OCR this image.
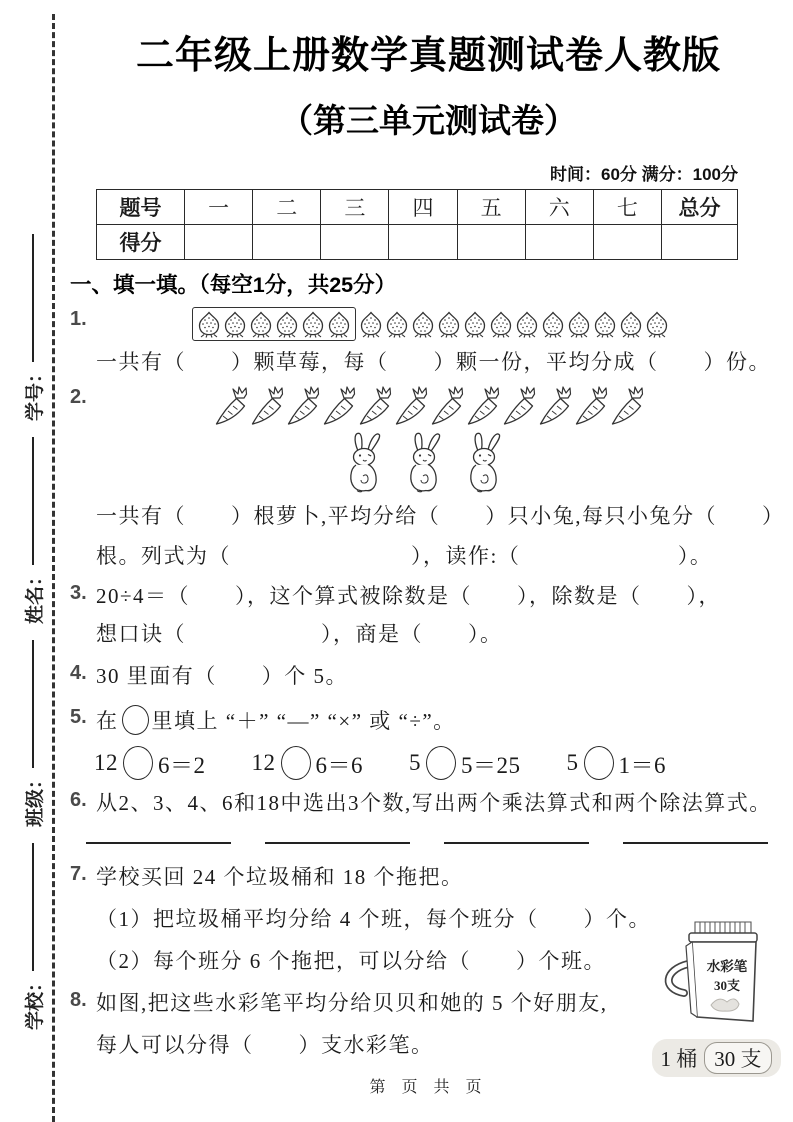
学校：
班级：
姓名：
学号：
二年级上册数学真题测试卷人教版
（第三单元测试卷）
时间：60分 满分：100分
题号	一	二	三	四	五	六	七	总分
得分								
一、填一填。（每空1分，共25分）
1.
一共有（　　）颗草莓，每（　　）颗一份，平均分成（　　）份。
2.
一共有（　　）根萝卜,平均分给（　　）只小兔,每只小兔分（　　）
根。列式为（　　　　　　　　），读作:（　　　　　　　）。
3. 20÷4＝（　　），这个算式被除数是（　　），除数是（　　），
想口诀（　　　　　　），商是（　　）。
4. 30 里面有（　　）个 5。
5. 在 里填上 “＋” “—” “×” 或 “÷”。
12 6＝2 12 6＝6 5 5＝25 5 1＝6
6. 从2、3、4、6和18中选出3个数,写出两个乘法算式和两个除法算式。
7. 学校买回 24 个垃圾桶和 18 个拖把。
（1）把垃圾桶平均分给 4 个班，每个班分（　　）个。
（2）每个班分 6 个拖把，可以分给（　　）个班。
8. 如图,把这些水彩笔平均分给贝贝和她的 5 个好朋友,
每人可以分得（　　）支水彩笔。
第 页 共 页
水彩笔
30支
1 桶 30 支
